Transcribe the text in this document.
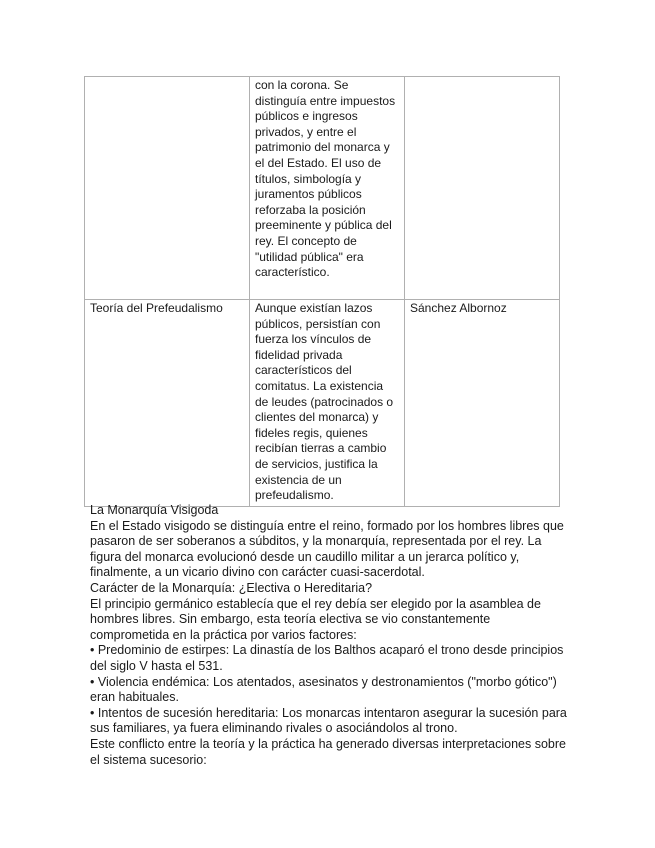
	con la corona. Se distinguía entre impuestos públicos e ingresos privados, y entre el patrimonio del monarca y el del Estado. El uso de títulos, simbología y juramentos públicos reforzaba la posición preeminente y pública del rey. El concepto de "utilidad pública" era característico.	
Teoría del Prefeudalismo	Aunque existían lazos públicos, persistían con fuerza los vínculos de fidelidad privada característicos del comitatus. La existencia de leudes (patrocinados o clientes del monarca) y fideles regis, quienes recibían tierras a cambio de servicios, justifica la existencia de un prefeudalismo.	Sánchez Albornoz

La Monarquía Visigoda

En el Estado visigodo se distinguía entre el reino, formado por los hombres libres que pasaron de ser soberanos a súbditos, y la monarquía, representada por el rey. La figura del monarca evolucionó desde un caudillo militar a un jerarca político y, finalmente, a un vicario divino con carácter cuasi-sacerdotal.

Carácter de la Monarquía: ¿Electiva o Hereditaria?

El principio germánico establecía que el rey debía ser elegido por la asamblea de hombres libres. Sin embargo, esta teoría electiva se vio constantemente comprometida en la práctica por varios factores:

• Predominio de estirpes: La dinastía de los Balthos acaparó el trono desde principios del siglo V hasta el 531.

• Violencia endémica: Los atentados, asesinatos y destronamientos ("morbo gótico") eran habituales.

• Intentos de sucesión hereditaria: Los monarcas intentaron asegurar la sucesión para sus familiares, ya fuera eliminando rivales o asociándolos al trono.

Este conflicto entre la teoría y la práctica ha generado diversas interpretaciones sobre el sistema sucesorio:
